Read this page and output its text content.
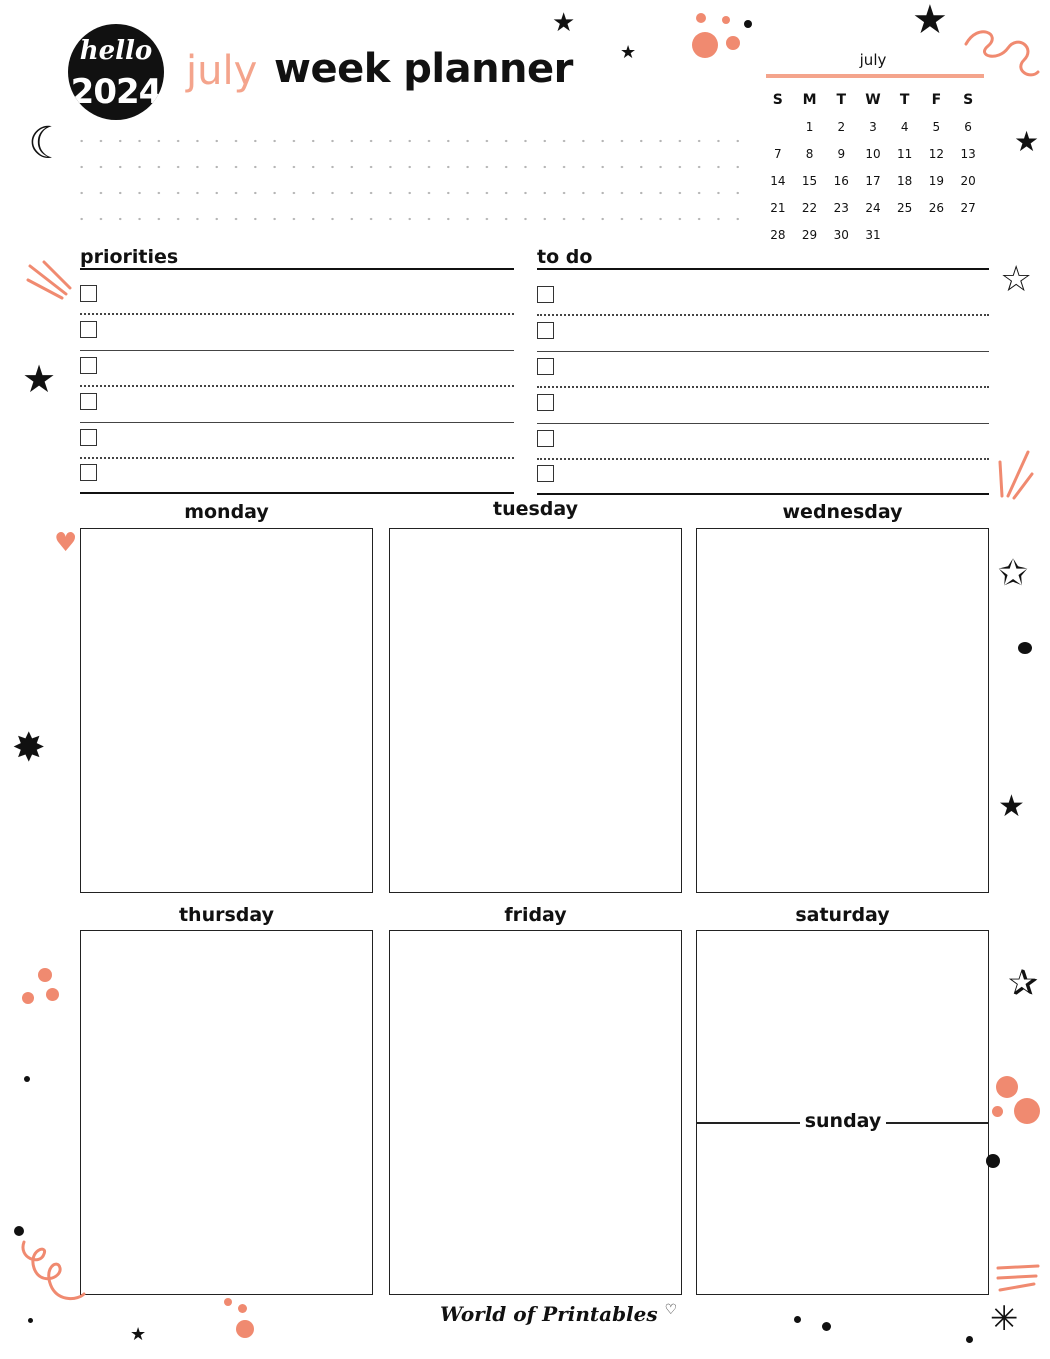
hello
2024 july week planner	july
S	M	T	W	T	F	S
	1	2	3	4	5	6
7	8	9	10	11	12	13
14	15	16	17	18	19	20
21	22	23	24	25	26	27
28	29	30	31			
priorities	to do
monday	tuesday	wednesday
thursday	friday	saturday
sunday
World of Printables ♡
★
★
★
★
★
★
★
✸
☆
✩
✰
✳
☾
♥
